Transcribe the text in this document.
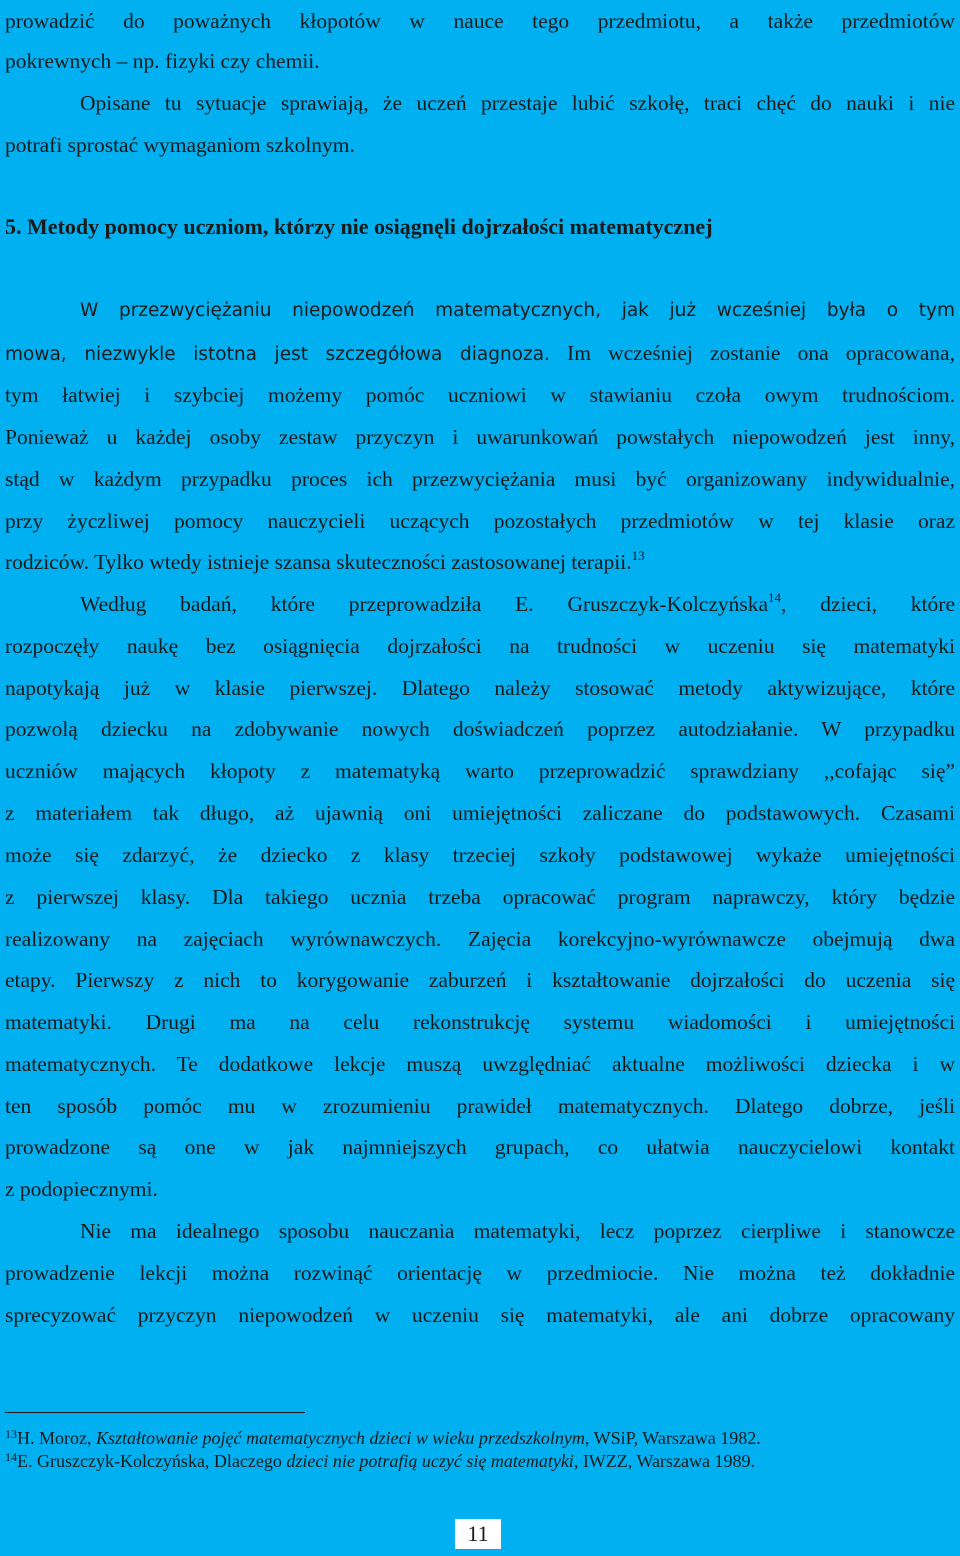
prowadzić do poważnych kłopotów w nauce tego przedmiotu, a także przedmiotów
pokrewnych – np. fizyki czy chemii.
Opisane tu sytuacje sprawiają, że uczeń przestaje lubić szkołę, traci chęć do nauki i nie
potrafi sprostać wymaganiom szkolnym.
5. Metody pomocy uczniom, którzy nie osiągnęli dojrzałości matematycznej
W przezwyciężaniu niepowodzeń matematycznych, jak już wcześniej była o tym
mowa, niezwykle istotna jest szczegółowa diagnoza. Im wcześniej zostanie ona opracowana,
tym łatwiej i szybciej możemy pomóc uczniowi w stawianiu czoła owym trudnościom.
Ponieważ u każdej osoby zestaw przyczyn i uwarunkowań powstałych niepowodzeń jest inny,
stąd w każdym przypadku proces ich przezwyciężania musi być organizowany indywidualnie,
przy życzliwej pomocy nauczycieli uczących pozostałych przedmiotów w tej klasie oraz
rodziców. Tylko wtedy istnieje szansa skuteczności zastosowanej terapii.$^{13}$
Według badań, które przeprowadziła E. Gruszczyk-Kolczyńska$^{14}$, dzieci, które
rozpoczęły naukę bez osiągnięcia dojrzałości na trudności w uczeniu się matematyki
napotykają już w klasie pierwszej. Dlatego należy stosować metody aktywizujące, które
pozwolą dziecku na zdobywanie nowych doświadczeń poprzez autodziałanie. W przypadku
uczniów mających kłopoty z matematyką warto przeprowadzić sprawdziany ,,cofając się”
z materiałem tak długo, aż ujawnią oni umiejętności zaliczane do podstawowych. Czasami
może się zdarzyć, że dziecko z klasy trzeciej szkoły podstawowej wykaże umiejętności
z pierwszej klasy. Dla takiego ucznia trzeba opracować program naprawczy, który będzie
realizowany na zajęciach wyrównawczych. Zajęcia korekcyjno-wyrównawcze obejmują dwa
etapy. Pierwszy z nich to korygowanie zaburzeń i kształtowanie dojrzałości do uczenia się
matematyki. Drugi ma na celu rekonstrukcję systemu wiadomości i umiejętności
matematycznych. Te dodatkowe lekcje muszą uwzględniać aktualne możliwości dziecka i w
ten sposób pomóc mu w zrozumieniu prawideł matematycznych. Dlatego dobrze, jeśli
prowadzone są one w jak najmniejszych grupach, co ułatwia nauczycielowi kontakt
z podopiecznymi.
Nie ma idealnego sposobu nauczania matematyki, lecz poprzez cierpliwe i stanowcze
prowadzenie lekcji można rozwinąć orientację w przedmiocie. Nie można też dokładnie
sprecyzować przyczyn niepowodzeń w uczeniu się matematyki, ale ani dobrze opracowany
$^{13}$H. Moroz, Kształtowanie pojęć matematycznych dzieci w wieku przedszkolnym, WSiP, Warszawa 1982.
$^{14}$E. Gruszczyk-Kolczyńska, Dlaczego dzieci nie potrafią uczyć się matematyki, IWZZ, Warszawa 1989.
11
